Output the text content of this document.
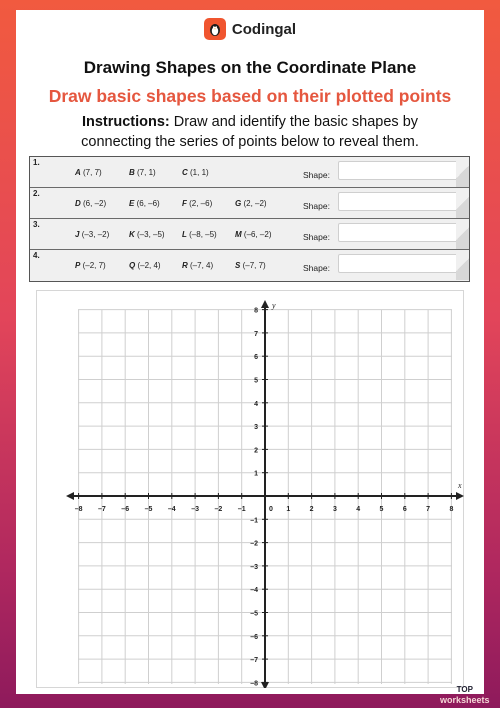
Codingal
Drawing Shapes on the Coordinate Plane
Draw basic shapes based on their plotted points
Instructions: Draw and identify the basic shapes by connecting the series of points below to reveal them.
1.
A (7, 7)	B (7, 1)	C (1, 1)	Shape:
2.
D (6, –2)	E (6, –6)	F (2, –6)	G (2, –2)	Shape:
3.
J (–3, –2) K (–3, –5) L (–8, –5) M (–6, –2)	Shape:
4.
P (–2, 7)	Q (–2, 4)	R (–7, 4)	S (–7, 7)	Shape:
–8 –7 –6 –5 –4 –3 –2 –1	0 1	2	3	4	5	6	7	8
1
2
3
4
5
6
7
8
–1
–2
–3
–4
–5
–6
–7
–8
x
y
TOP
worksheets
